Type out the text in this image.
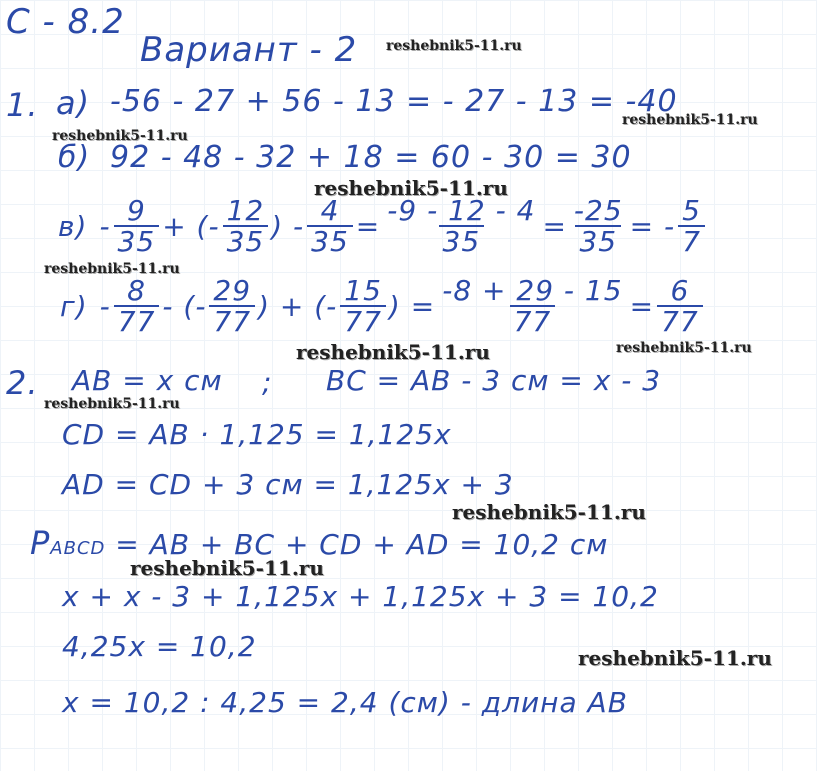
С - 8.2
Вариант - 2 reshebnik5-11.ru
reshebnik5-11.ru
reshebnik5-11.ru
reshebnik5-11.ru
reshebnik5-11.ru
reshebnik5-11.ru	reshebnik5-11.ru
reshebnik5-11.ru
reshebnik5-11.ru
reshebnik5-11.ru
reshebnik5-11.ru
1. а) -56 - 27 + 56 - 13 = - 27 - 13 = -40
б) 92 - 48 - 32 + 18 = 60 - 30 = 30
$в) - \frac{9}{35}$ + (- $\frac{12}{35}$ ) - $\frac{4}{35} = \frac{-9 - 12 - 4}{35} = \frac{-25}{35}$ = - $\frac{5}{7}$
$г) - \frac{8}{77}$ - (- $\frac{29}{77}$ ) + (- $\frac{15}{77}$ ) = $\frac{-8 + 29 - 15}{77} = \frac{6}{77}$
2. AB = x см ; BC = AB - 3 см = x - 3
CD = AB · 1,125 = 1,125x
AD = CD + 3 см = 1,125x + 3
PABCD = AB + BC + CD + AD = 10,2 см
x + x - 3 + 1,125x + 1,125x + 3 = 10,2
4,25x = 10,2
x = 10,2 : 4,25 = 2,4 (см) - длина AB
